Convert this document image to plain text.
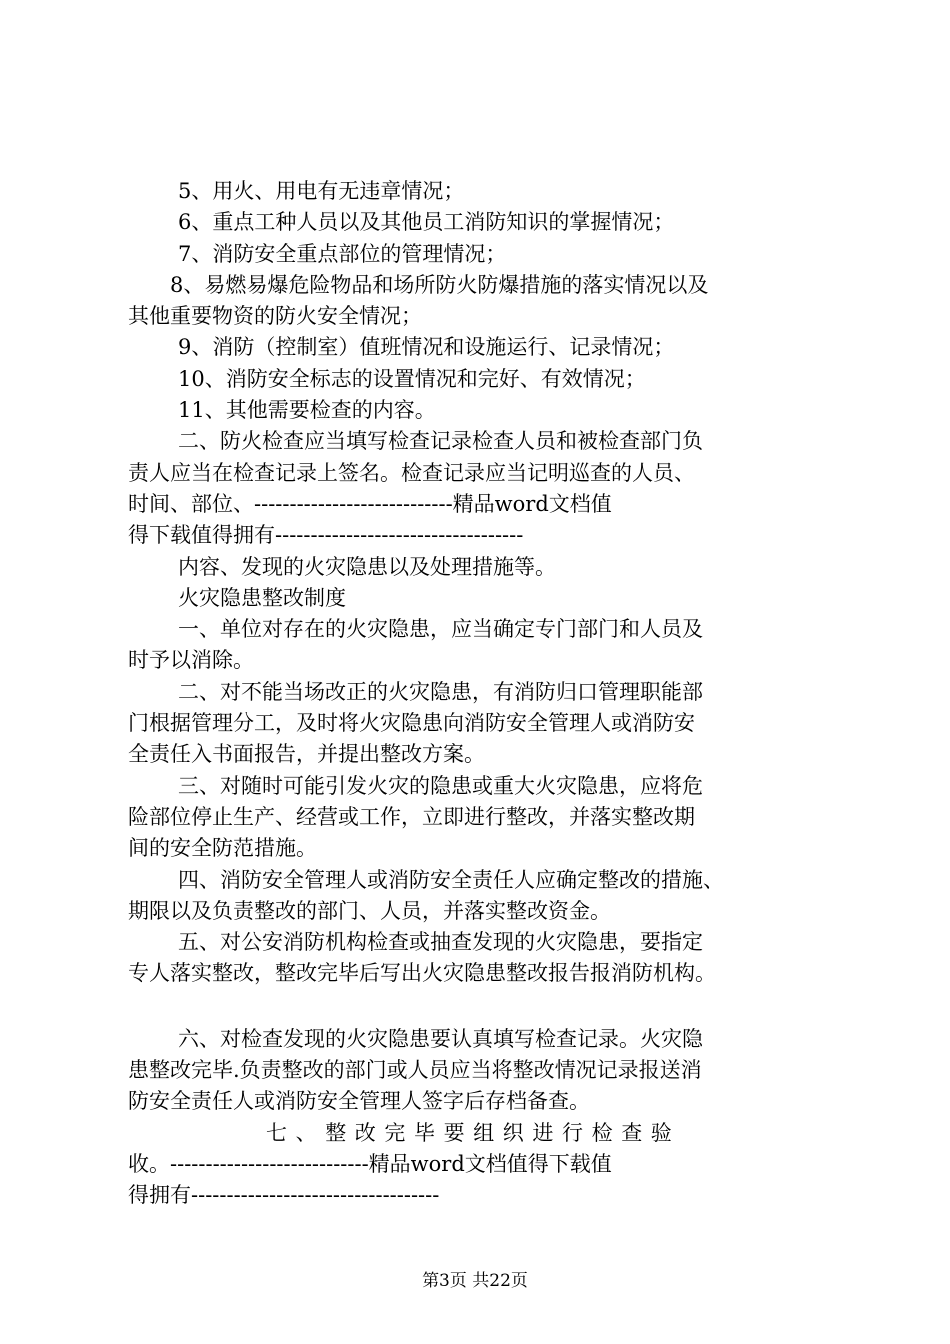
5、用火、用电有无违章情况；
6、重点工种人员以及其他员工消防知识的掌握情况；
7、消防安全重点部位的管理情况；
8、易燃易爆危险物品和场所防火防爆措施的落实情况以及
其他重要物资的防火安全情况；
9、消防（控制室）值班情况和设施运行、记录情况；
10、消防安全标志的设置情况和完好、有效情况；
11、其他需要检查的内容。
二、防火检查应当填写检查记录检查人员和被检查部门负
责人应当在检查记录上签名。检查记录应当记明巡查的人员、
时间、部位、----------------------------精品word文档值
得下载值得拥有-----------------------------------
内容、发现的火灾隐患以及处理措施等。
火灾隐患整改制度
一、单位对存在的火灾隐患，应当确定专门部门和人员及
时予以消除。
二、对不能当场改正的火灾隐患，有消防归口管理职能部
门根据管理分工，及时将火灾隐患向消防安全管理人或消防安
全责任入书面报告，并提出整改方案。
三、对随时可能引发火灾的隐患或重大火灾隐患，应将危
险部位停止生产、经营或工作，立即进行整改，并落实整改期
间的安全防范措施。
四、消防安全管理人或消防安全责任人应确定整改的措施、
期限以及负责整改的部门、人员，并落实整改资金。
五、对公安消防机构检查或抽查发现的火灾隐患，要指定
专人落实整改，整改完毕后写出火灾隐患整改报告报消防机构。
六、对检查发现的火灾隐患要认真填写检查记录。火灾隐
患整改完毕.负责整改的部门或人员应当将整改情况记录报送消
防安全责任人或消防安全管理人签字后存档备查。
七、整改完毕要组织进行检查验
收。----------------------------精品word文档值得下载值
得拥有-----------------------------------
第3页 共22页
